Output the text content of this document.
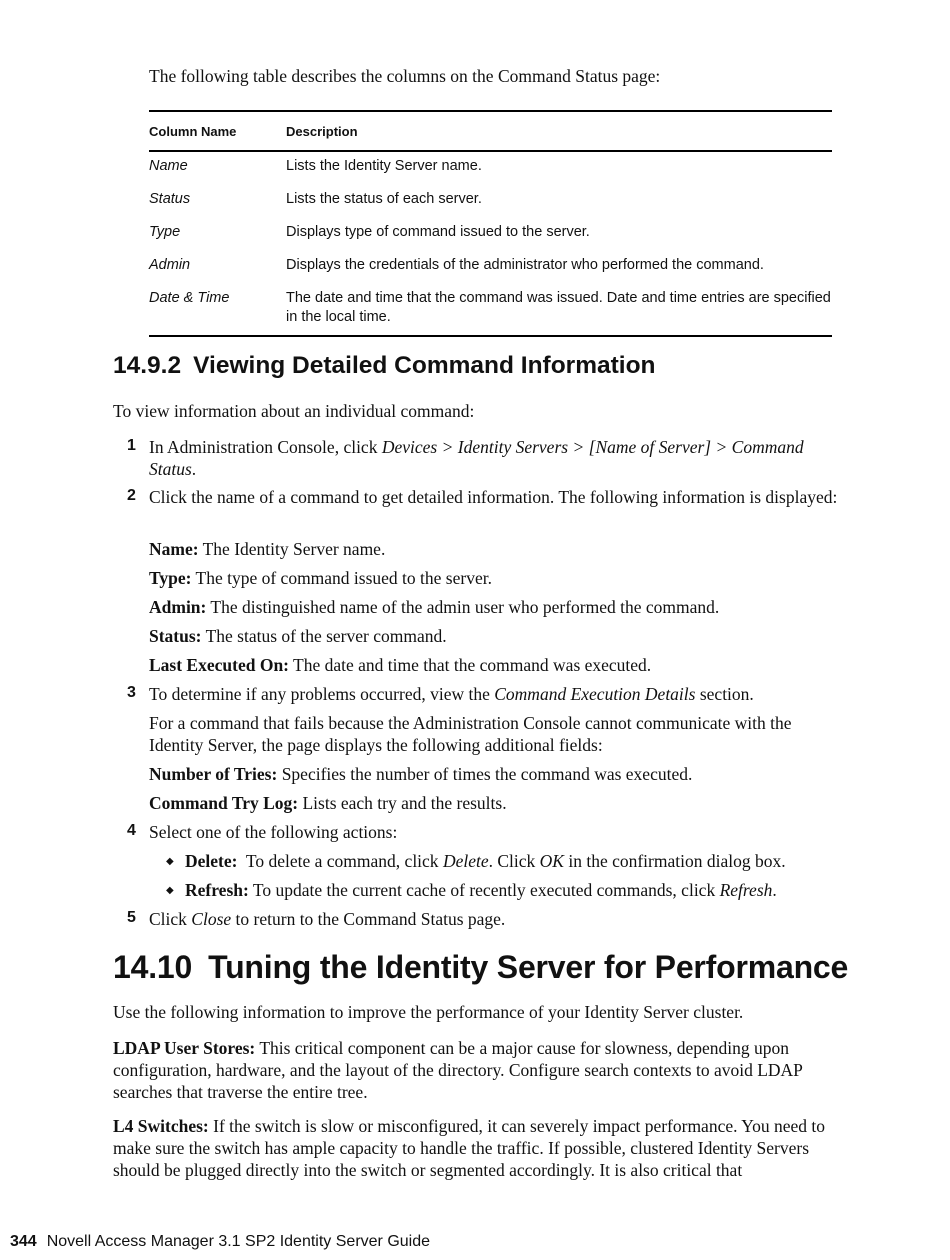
The following table describes the columns on the Command Status page:
Column Name	Description
Name	Lists the Identity Server name.
Status	Lists the status of each server.
Type	Displays type of command issued to the server.
Admin	Displays the credentials of the administrator who performed the command.
Date & Time	The date and time that the command was issued. Date and time entries are specified in the local time.
14.9.2 Viewing Detailed Command Information
To view information about an individual command:
1 In Administration Console, click Devices > Identity Servers > [Name of Server] > Command Status.
2 Click the name of a command to get detailed information. The following information is displayed:
Name: The Identity Server name.
Type: The type of command issued to the server.
Admin: The distinguished name of the admin user who performed the command.
Status: The status of the server command.
Last Executed On: The date and time that the command was executed.
3 To determine if any problems occurred, view the Command Execution Details section.
For a command that fails because the Administration Console cannot communicate with the Identity Server, the page displays the following additional fields:
Number of Tries: Specifies the number of times the command was executed.
Command Try Log: Lists each try and the results.
4 Select one of the following actions:
◆ Delete:  To delete a command, click Delete. Click OK in the confirmation dialog box.
◆ Refresh: To update the current cache of recently executed commands, click Refresh.
5 Click Close to return to the Command Status page.
14.10 Tuning the Identity Server for Performance
Use the following information to improve the performance of your Identity Server cluster.
LDAP User Stores: This critical component can be a major cause for slowness, depending upon configuration, hardware, and the layout of the directory. Configure search contexts to avoid LDAP searches that traverse the entire tree.
L4 Switches: If the switch is slow or misconfigured, it can severely impact performance. You need to make sure the switch has ample capacity to handle the traffic. If possible, clustered Identity Servers should be plugged directly into the switch or segmented accordingly. It is also critical that
344 Novell Access Manager 3.1 SP2 Identity Server Guide
